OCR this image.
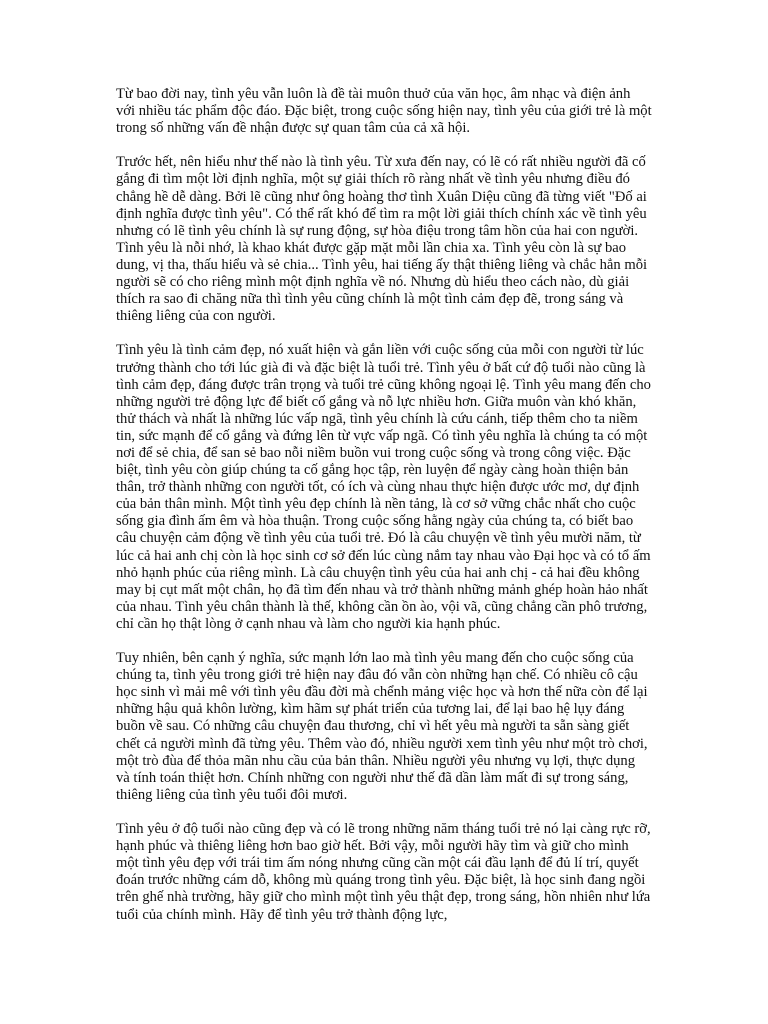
Từ bao đời nay, tình yêu vẫn luôn là đề tài muôn thuở của văn học, âm nhạc và điện ảnh với nhiều tác phẩm độc đáo. Đặc biệt, trong cuộc sống hiện nay, tình yêu của giới trẻ là một trong số những vấn đề nhận được sự quan tâm của cả xã hội.

Trước hết, nên hiểu như thế nào là tình yêu. Từ xưa đến nay, có lẽ có rất nhiều người đã cố gắng đi tìm một lời định nghĩa, một sự giải thích rõ ràng nhất về tình yêu nhưng điều đó chẳng hề dễ dàng. Bởi lẽ cũng như ông hoàng thơ tình Xuân Diệu cũng đã từng viết "Đố ai định nghĩa được tình yêu". Có thể rất khó để tìm ra một lời giải thích chính xác về tình yêu nhưng có lẽ tình yêu chính là sự rung động, sự hòa điệu trong tâm hồn của hai con người. Tình yêu là nỗi nhớ, là khao khát được gặp mặt mỗi lần chia xa. Tình yêu còn là sự bao dung, vị tha, thấu hiểu và sẻ chia... Tình yêu, hai tiếng ấy thật thiêng liêng và chắc hẳn mỗi người sẽ có cho riêng mình một định nghĩa về nó. Nhưng dù hiểu theo cách nào, dù giải thích ra sao đi chăng nữa thì tình yêu cũng chính là một tình cảm đẹp đẽ, trong sáng và thiêng liêng của con người.

Tình yêu là tình cảm đẹp, nó xuất hiện và gắn liền với cuộc sống của mỗi con người từ lúc trưởng thành cho tới lúc già đi và đặc biệt là tuổi trẻ. Tình yêu ở bất cứ độ tuổi nào cũng là tình cảm đẹp, đáng được trân trọng và tuổi trẻ cũng không ngoại lệ. Tình yêu mang đến cho những người trẻ động lực để biết cố gắng và nỗ lực nhiều hơn. Giữa muôn vàn khó khăn, thử thách và nhất là những lúc vấp ngã, tình yêu chính là cứu cánh, tiếp thêm cho ta niềm tin, sức mạnh để cố gắng và đứng lên từ vực vấp ngã. Có tình yêu nghĩa là chúng ta có một nơi để sẻ chia, để san sẻ bao nỗi niềm buồn vui trong cuộc sống và trong công việc. Đặc biệt, tình yêu còn giúp chúng ta cố gắng học tập, rèn luyện để ngày càng hoàn thiện bản thân, trở thành những con người tốt, có ích và cùng nhau thực hiện được ước mơ, dự định của bản thân mình. Một tình yêu đẹp chính là nền tảng, là cơ sở vững chắc nhất cho cuộc sống gia đình ấm êm và hòa thuận. Trong cuộc sống hằng ngày của chúng ta, có biết bao câu chuyện cảm động về tình yêu của tuổi trẻ. Đó là câu chuyện về tình yêu mười năm, từ lúc cả hai anh chị còn là học sinh cơ sở đến lúc cùng nắm tay nhau vào Đại học và có tổ ấm nhỏ hạnh phúc của riêng mình. Là câu chuyện tình yêu của hai anh chị - cả hai đều không may bị cụt mất một chân, họ đã tìm đến nhau và trở thành những mảnh ghép hoàn hảo nhất của nhau. Tình yêu chân thành là thế, không cần ồn ào, vội vã, cũng chẳng cần phô trương, chỉ cần họ thật lòng ở cạnh nhau và làm cho người kia hạnh phúc.

Tuy nhiên, bên cạnh ý nghĩa, sức mạnh lớn lao mà tình yêu mang đến cho cuộc sống của chúng ta, tình yêu trong giới trẻ hiện nay đâu đó vẫn còn những hạn chế. Có nhiều cô cậu học sinh vì mải mê với tình yêu đầu đời mà chểnh mảng việc học và hơn thế nữa còn để lại những hậu quả khôn lường, kìm hãm sự phát triển của tương lai, để lại bao hệ lụy đáng buồn về sau. Có những câu chuyện đau thương, chỉ vì hết yêu mà người ta sẵn sàng giết chết cả người mình đã từng yêu. Thêm vào đó, nhiều người xem tình yêu như một trò chơi, một trò đùa để thỏa mãn nhu cầu của bản thân. Nhiều người yêu nhưng vụ lợi, thực dụng và tính toán thiệt hơn. Chính những con người như thế đã dần làm mất đi sự trong sáng, thiêng liêng của tình yêu tuổi đôi mươi.

Tình yêu ở độ tuổi nào cũng đẹp và có lẽ trong những năm tháng tuổi trẻ nó lại càng rực rỡ, hạnh phúc và thiêng liêng hơn bao giờ hết. Bởi vậy, mỗi người hãy tìm và giữ cho mình một tình yêu đẹp với trái tim ấm nóng nhưng cũng cần một cái đầu lạnh để đủ lí trí, quyết đoán trước những cám dỗ, không mù quáng trong tình yêu. Đặc biệt, là học sinh đang ngồi trên ghế nhà trường, hãy giữ cho mình một tình yêu thật đẹp, trong sáng, hồn nhiên như lứa tuổi của chính mình. Hãy để tình yêu trở thành động lực,
